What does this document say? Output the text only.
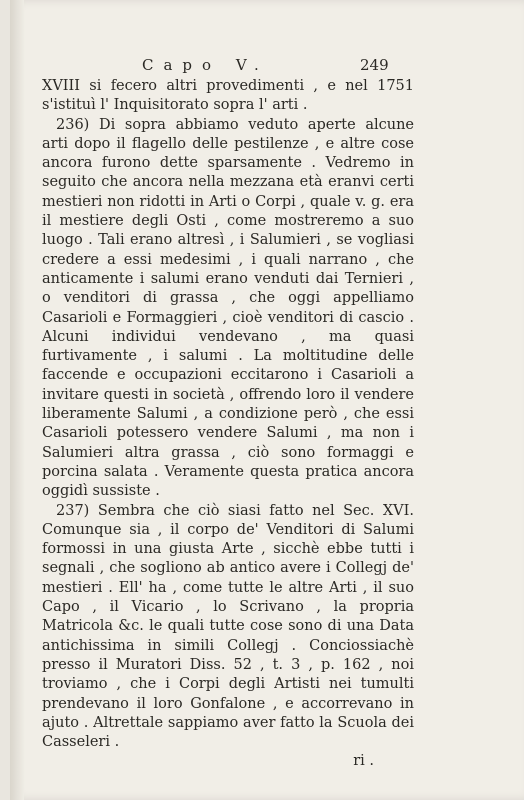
Capo V.	249

XVIII si fecero altri provedimenti , e nel 1751 s'istituì l' Inquisitorato sopra l' arti .

236) Di sopra abbiamo veduto aperte alcune arti dopo il flagello delle pestilenze , e altre cose ancora furono dette sparsamente . Vedremo in seguito che ancora nella mezzana età eranvi certi mestieri non ridotti in Arti o Corpi , quale v. g. era il mestiere degli Osti , come mostreremo a suo luogo . Tali erano altresì , i Salumieri , se vogliasi credere a essi medesimi , i quali narrano , che anticamente i salumi erano venduti dai Ternieri , o venditori di grassa , che oggi appelliamo Casarioli e Formaggieri , cioè venditori di cascio . Alcuni individui vendevano , ma quasi furtivamente , i salumi . La moltitudine delle faccende e occupazioni eccitarono i Casarioli a invitare questi in società , offrendo loro il vendere liberamente Salumi , a condizione però , che essi Casarioli potessero vendere Salumi , ma non i Salumieri altra grassa , ciò sono formaggi e porcina salata . Veramente questa pratica ancora oggidì sussiste .

237) Sembra che ciò siasi fatto nel Sec. XVI. Comunque sia , il corpo de' Venditori di Salumi formossi in una giusta Arte , sicchè ebbe tutti i segnali , che sogliono ab antico avere i Collegj de' mestieri . Ell' ha , come tutte le altre Arti , il suo Capo , il Vicario , lo Scrivano , la propria Matricola &c. le quali tutte cose sono di una Data antichissima in simili Collegj . Conciossiachè presso il Muratori Diss. 52 , t. 3 , p. 162 , noi troviamo , che i Corpi degli Artisti nei tumulti prendevano il loro Gonfalone , e accorrevano in ajuto . Altrettale sappiamo aver fatto la Scuola dei Casseleri .

ri .
